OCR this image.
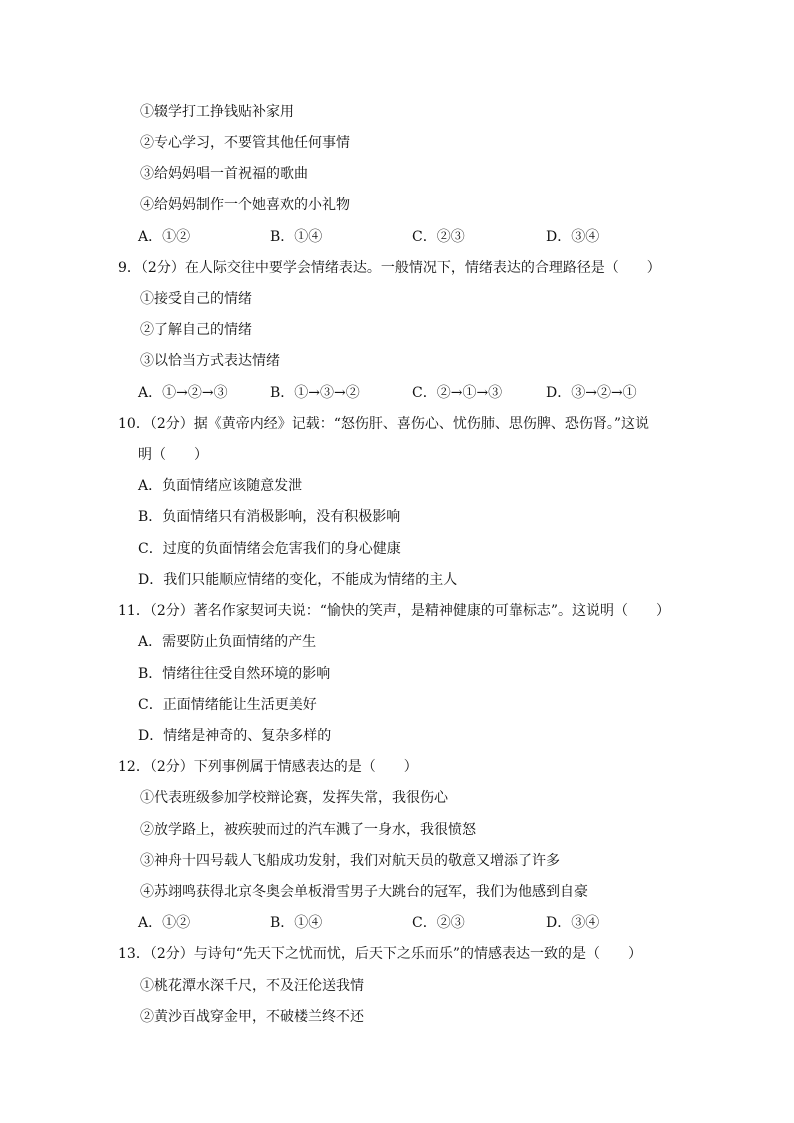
①辍学打工挣钱贴补家用
②专心学习，不要管其他任何事情
③给妈妈唱一首祝福的歌曲
④给妈妈制作一个她喜欢的小礼物
A．①②	B．①④	C．②③	D．③④
9．（2分）在人际交往中要学会情绪表达。一般情况下，情绪表达的合理路径是（　　）
①接受自己的情绪
②了解自己的情绪
③以恰当方式表达情绪
A．①→②→③	B．①→③→②	C．②→①→③	D．③→②→①
10．（2分）据《黄帝内经》记载：“怒伤肝、喜伤心、忧伤肺、思伤脾、恐伤肾。”这说
明（　　）
A．负面情绪应该随意发泄
B．负面情绪只有消极影响，没有积极影响
C．过度的负面情绪会危害我们的身心健康
D．我们只能顺应情绪的变化，不能成为情绪的主人
11．（2分）著名作家契诃夫说：“愉快的笑声，是精神健康的可靠标志”。这说明（　　）
A．需要防止负面情绪的产生
B．情绪往往受自然环境的影响
C．正面情绪能让生活更美好
D．情绪是神奇的、复杂多样的
12．（2分）下列事例属于情感表达的是（　　）
①代表班级参加学校辩论赛，发挥失常，我很伤心
②放学路上，被疾驶而过的汽车溅了一身水，我很愤怒
③神舟十四号载人飞船成功发射，我们对航天员的敬意又增添了许多
④苏翊鸣获得北京冬奥会单板滑雪男子大跳台的冠军，我们为他感到自豪
A．①②	B．①④	C．②③	D．③④
13．（2分）与诗句“先天下之忧而忧，后天下之乐而乐”的情感表达一致的是（　　）
①桃花潭水深千尺，不及汪伦送我情
②黄沙百战穿金甲，不破楼兰终不还
